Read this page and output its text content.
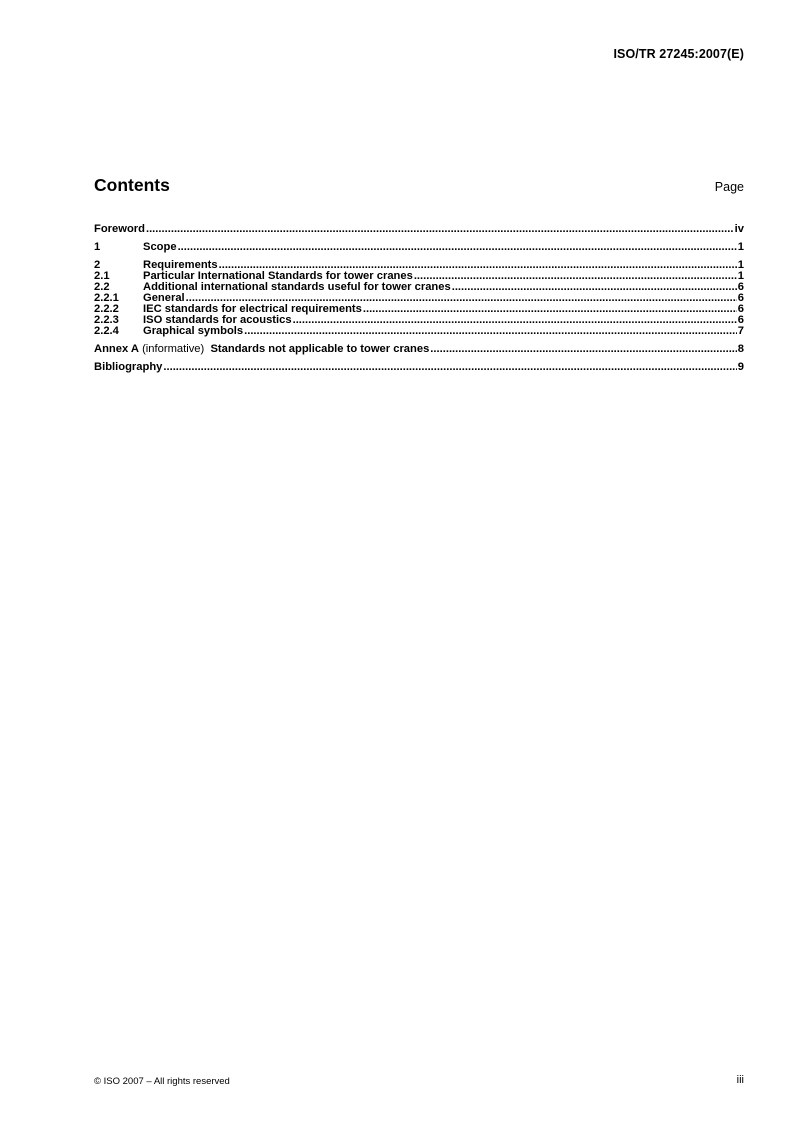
ISO/TR 27245:2007(E)
Contents	Page
Foreword .....	iv
1	Scope .....	1
2	Requirements .....	1
2.1	Particular International Standards for tower cranes .....	1
2.2	Additional international standards useful for tower cranes .....	6
2.2.1	General .....	6
2.2.2	IEC standards for electrical requirements .....	6
2.2.3	ISO standards for acoustics .....	6
2.2.4	Graphical symbols .....	7
Annex A (informative)  Standards not applicable to tower cranes .....	8
Bibliography .....	9
© ISO 2007 – All rights reserved	iii
